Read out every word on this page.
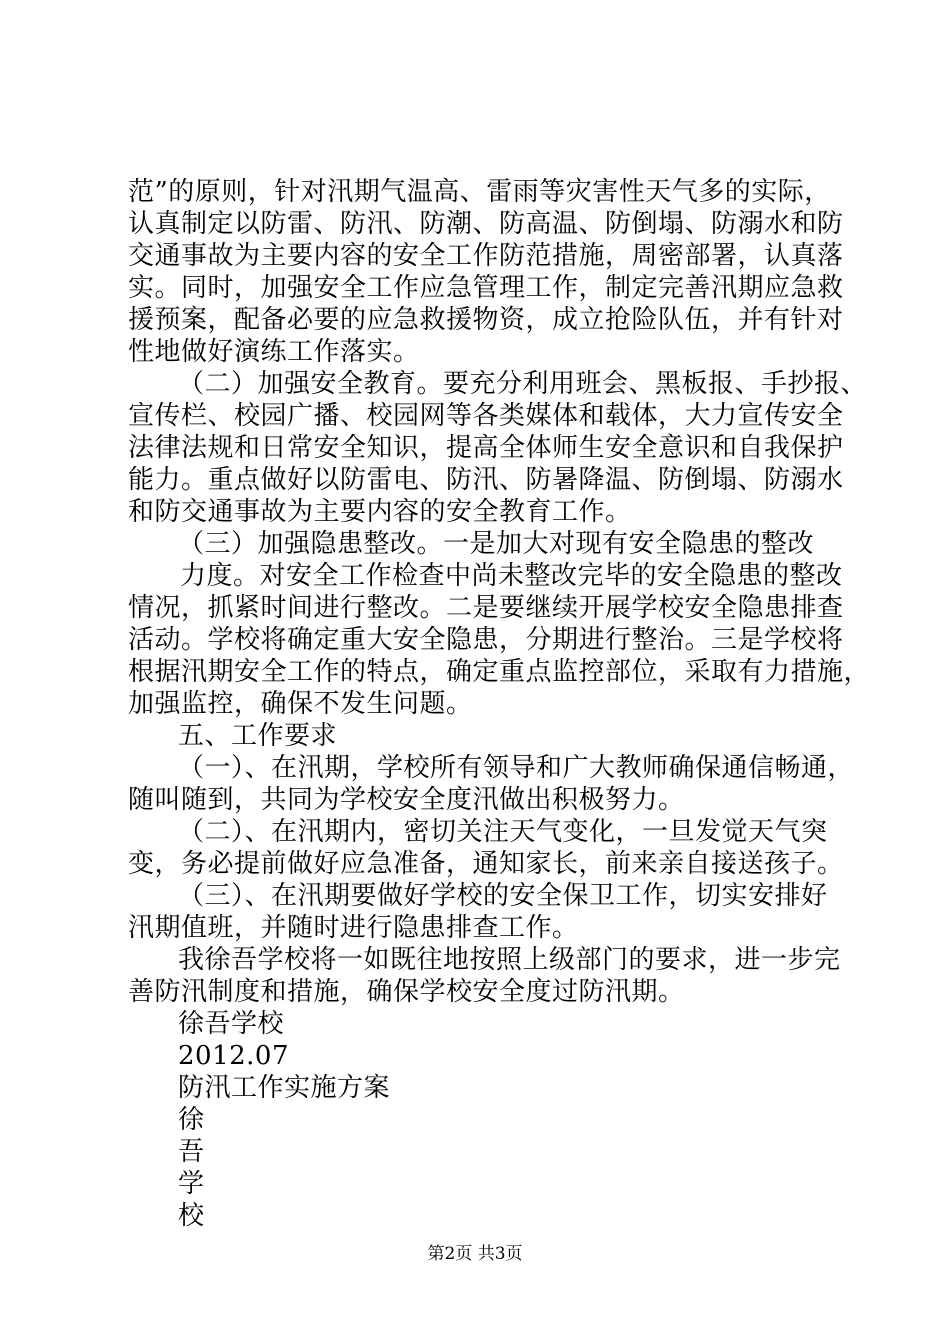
范”的原则，针对汛期气温高、雷雨等灾害性天气多的实际，
认真制定以防雷、防汛、防潮、防高温、防倒塌、防溺水和防
交通事故为主要内容的安全工作防范措施，周密部署，认真落
实。同时，加强安全工作应急管理工作，制定完善汛期应急救
援预案，配备必要的应急救援物资，成立抢险队伍，并有针对
性地做好演练工作落实。
（二）加强安全教育。要充分利用班会、黑板报、手抄报、
宣传栏、校园广播、校园网等各类媒体和载体，大力宣传安全
法律法规和日常安全知识，提高全体师生安全意识和自我保护
能力。重点做好以防雷电、防汛、防暑降温、防倒塌、防溺水
和防交通事故为主要内容的安全教育工作。
（三）加强隐患整改。一是加大对现有安全隐患的整改
力度。对安全工作检查中尚未整改完毕的安全隐患的整改
情况，抓紧时间进行整改。二是要继续开展学校安全隐患排查
活动。学校将确定重大安全隐患，分期进行整治。三是学校将
根据汛期安全工作的特点，确定重点监控部位，采取有力措施，
加强监控，确保不发生问题。
五、工作要求
（一）、在汛期，学校所有领导和广大教师确保通信畅通，
随叫随到，共同为学校安全度汛做出积极努力。
（二）、在汛期内，密切关注天气变化，一旦发觉天气突
变，务必提前做好应急准备，通知家长，前来亲自接送孩子。
（三）、在汛期要做好学校的安全保卫工作，切实安排好
汛期值班，并随时进行隐患排查工作。
我徐吾学校将一如既往地按照上级部门的要求，进一步完
善防汛制度和措施，确保学校安全度过防汛期。
徐吾学校
2012.07
防汛工作实施方案
徐
吾
学
校
第2页 共3页
